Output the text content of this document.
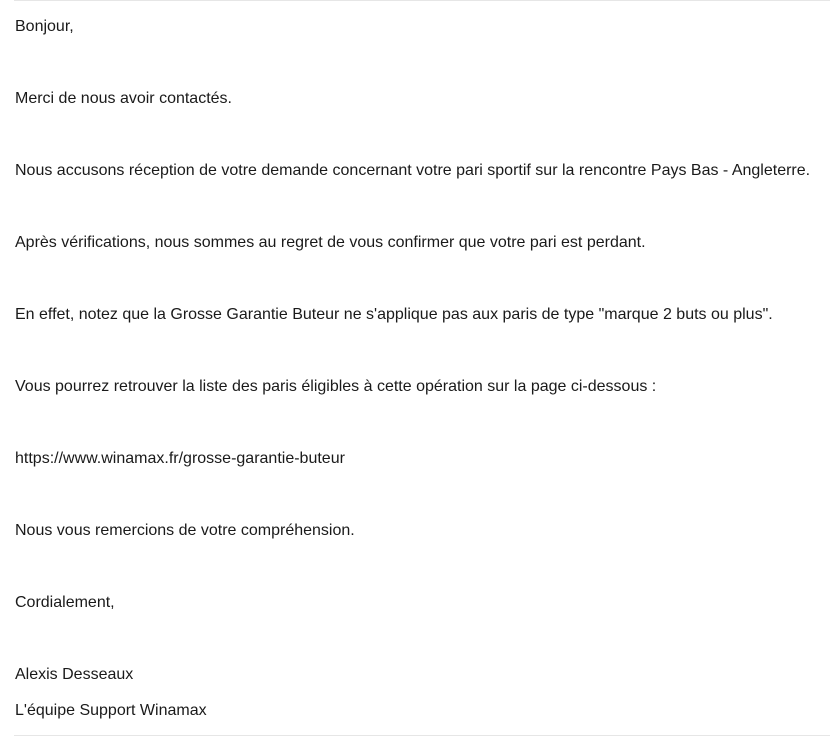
Bonjour,
Merci de nous avoir contactés.
Nous accusons réception de votre demande concernant votre pari sportif sur la rencontre Pays Bas - Angleterre.
Après vérifications, nous sommes au regret de vous confirmer que votre pari est perdant.
En effet, notez que la Grosse Garantie Buteur ne s'applique pas aux paris de type "marque 2 buts ou plus".
Vous pourrez retrouver la liste des paris éligibles à cette opération sur la page ci-dessous :
https://www.winamax.fr/grosse-garantie-buteur
Nous vous remercions de votre compréhension.
Cordialement,
Alexis Desseaux
L'équipe Support Winamax
